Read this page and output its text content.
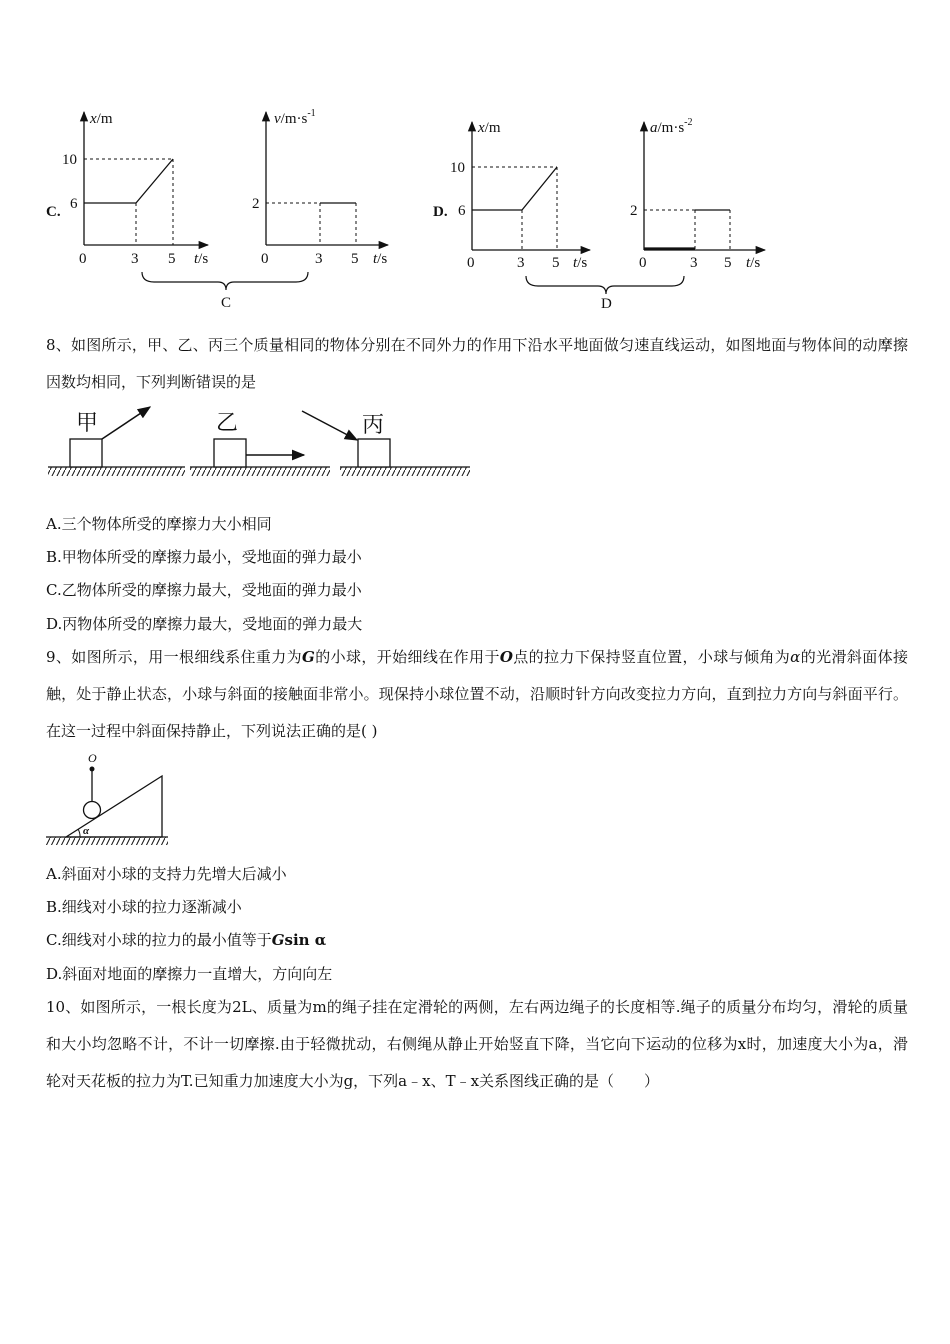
C.	D.
x/m
t/s
10
6
0	3 5
$v/m\cdot s^{-1}$
t/s
2
0	3 5
C
x/m
t/s
10
6
0	3 5
$a/m\cdot s^{-2}$
t/s
2
0	3 5
D

8、如图所示，甲、乙、丙三个质量相同的物体分别在不同外力的作用下沿水平地面做匀速直线运动，如图地面与物体间的动摩擦因数均相同，下列判断错误的是

甲	乙	丙

A.三个物体所受的摩擦力大小相同

B.甲物体所受的摩擦力最小，受地面的弹力最小

C.乙物体所受的摩擦力最大，受地面的弹力最小

D.丙物体所受的摩擦力最大，受地面的弹力最大

9、如图所示，用一根细线系住重力为G的小球，开始细线在作用于O点的拉力下保持竖直位置，小球与倾角为α的光滑斜面体接触，处于静止状态，小球与斜面的接触面非常小。现保持小球位置不动，沿顺时针方向改变拉力方向，直到拉力方向与斜面平行。在这一过程中斜面保持静止，下列说法正确的是( )

O
α

A.斜面对小球的支持力先增大后减小

B.细线对小球的拉力逐渐减小

C.细线对小球的拉力的最小值等于Gsin α

D.斜面对地面的摩擦力一直增大，方向向左

10、如图所示，一根长度为2L、质量为m的绳子挂在定滑轮的两侧，左右两边绳子的长度相等.绳子的质量分布均匀，滑轮的质量和大小均忽略不计，不计一切摩擦.由于轻微扰动，右侧绳从静止开始竖直下降，当它向下运动的位移为x时，加速度大小为a，滑轮对天花板的拉力为T.已知重力加速度大小为g，下列a﹣x、T﹣x关系图线正确的是（　　）
